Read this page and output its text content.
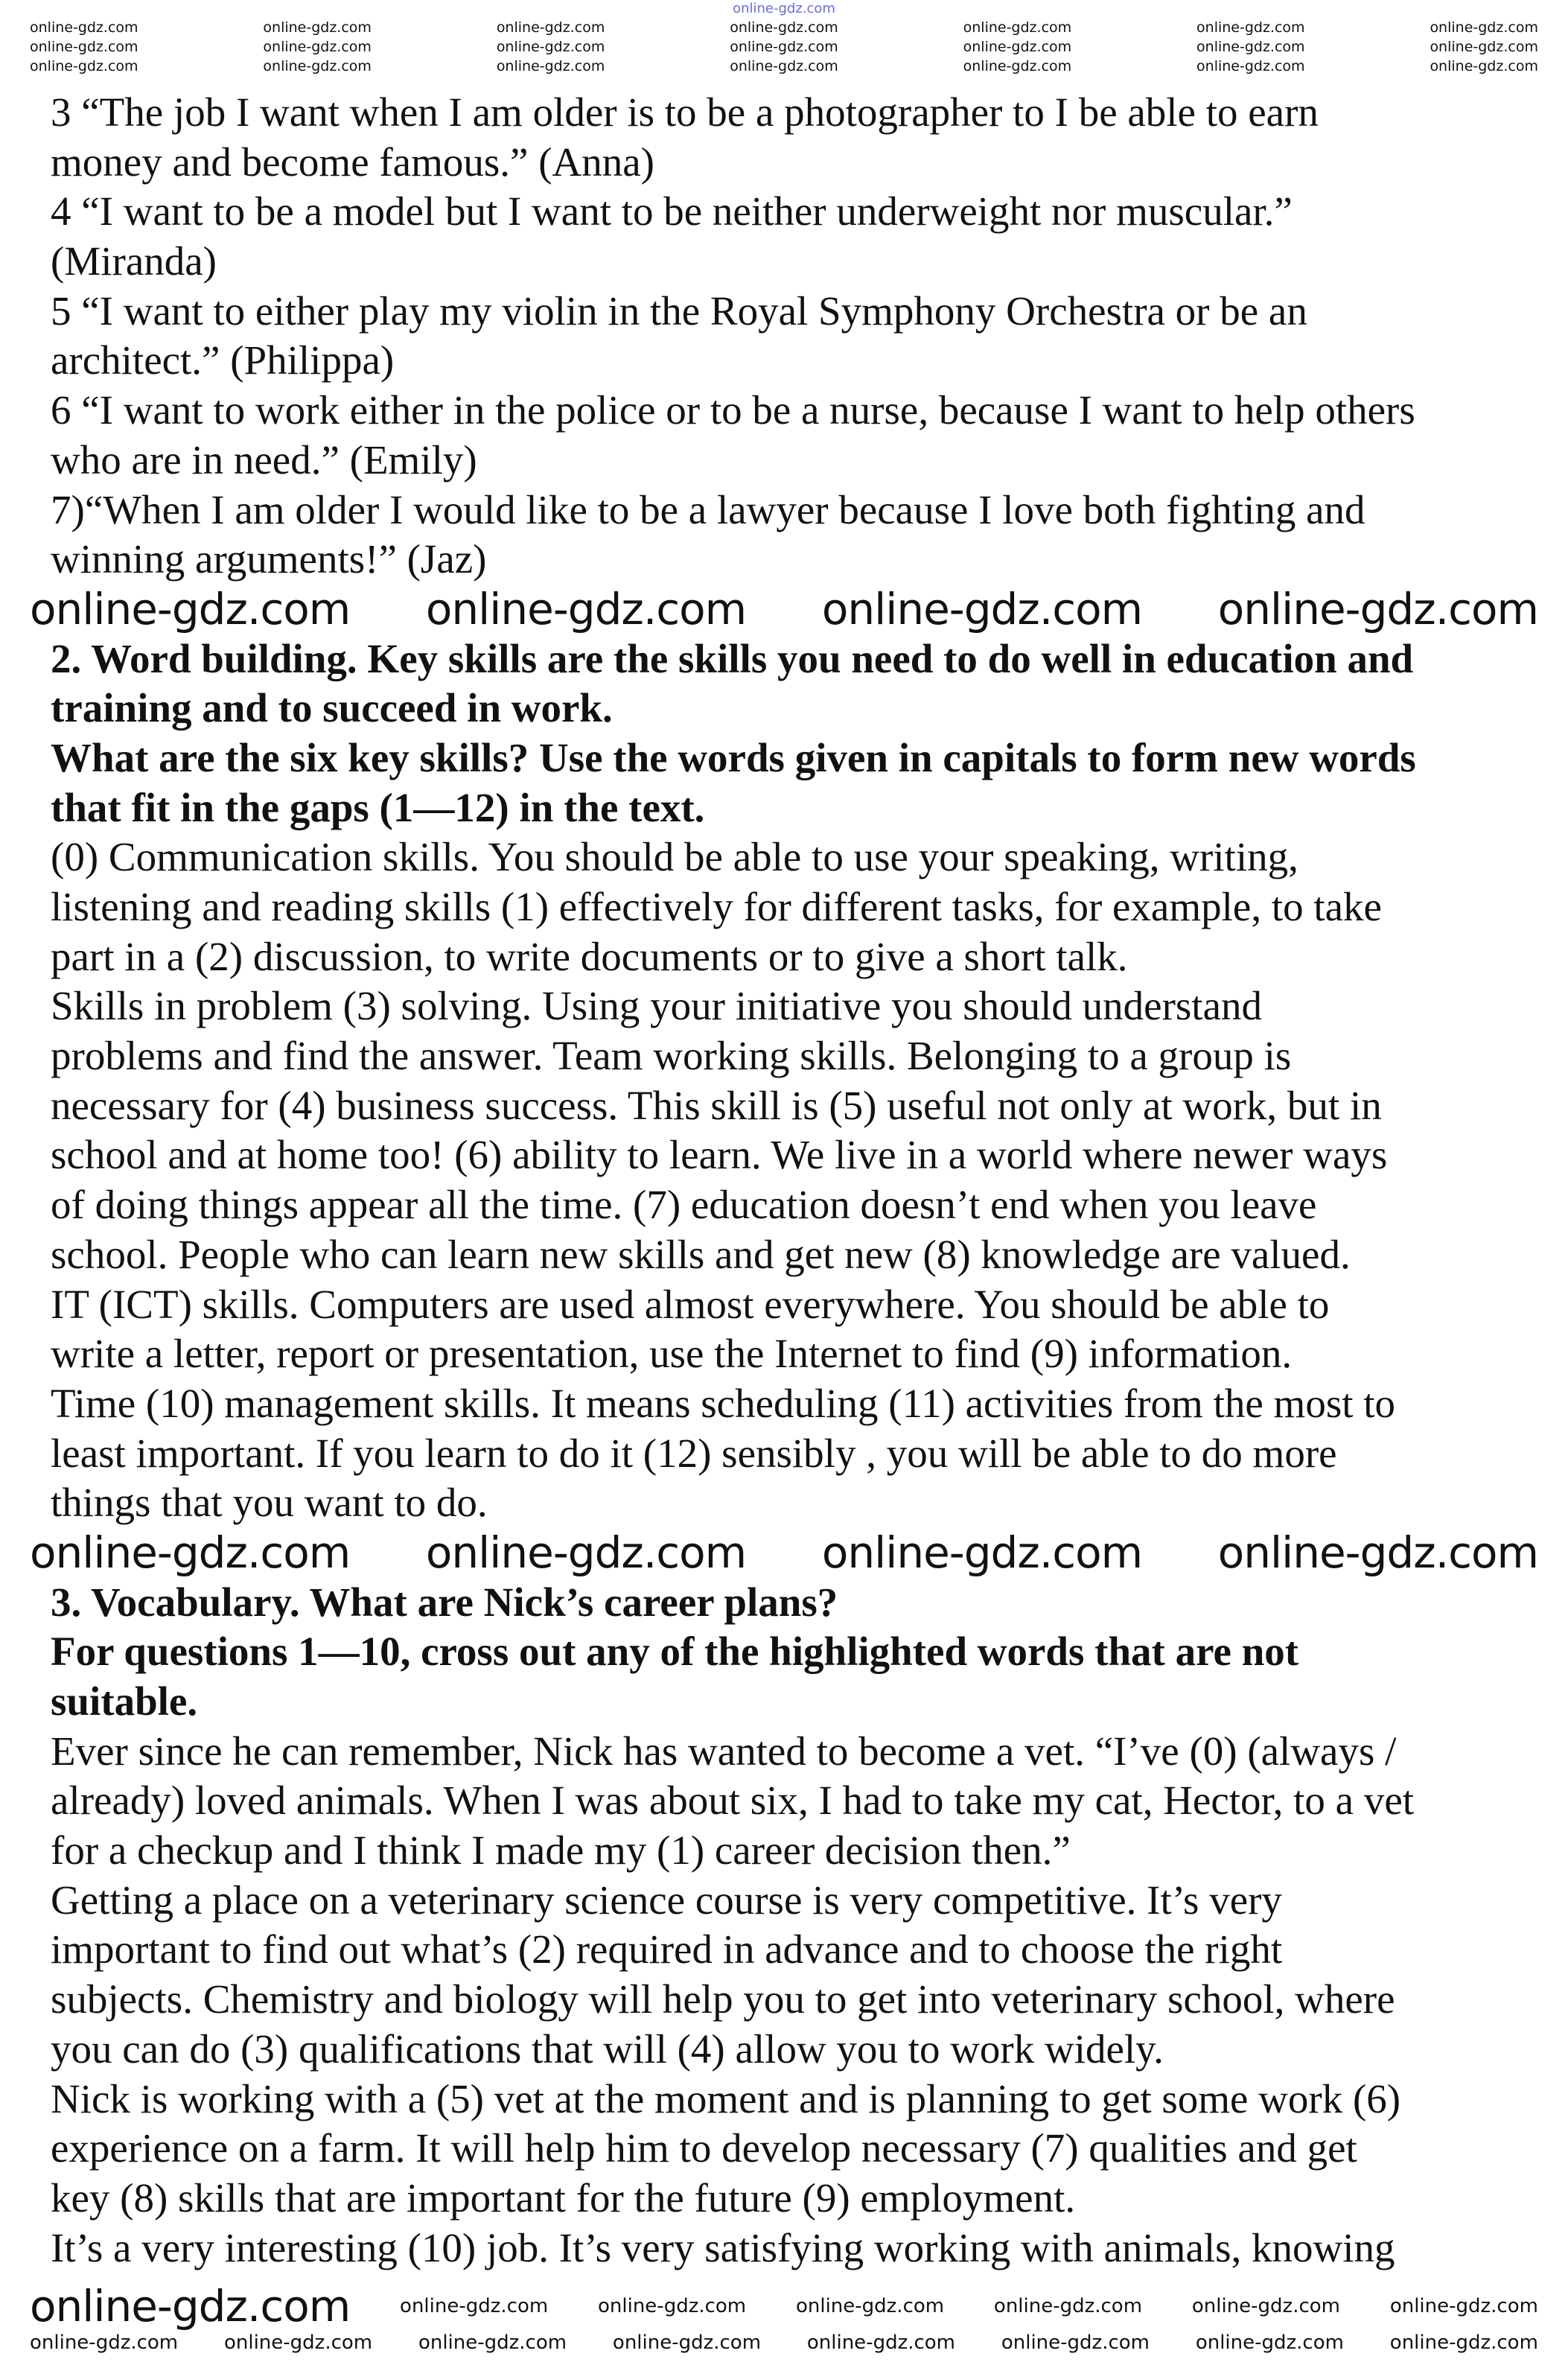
3 “The job I want when I am older is to be a photographer to I be able to earn
money and become famous.” (Anna)
4 “I want to be a model but I want to be neither underweight nor muscular.”
(Miranda)
5 “I want to either play my violin in the Royal Symphony Orchestra or be an
architect.” (Philippa)
6 “I want to work either in the police or to be a nurse, because I want to help others
who are in need.” (Emily)
7)“When I am older I would like to be a lawyer because I love both fighting and
winning arguments!” (Jaz)
2. Word building. Key skills are the skills you need to do well in education and
training and to succeed in work.
What are the six key skills? Use the words given in capitals to form new words
that fit in the gaps (1—12) in the text.
(0) Communication skills. You should be able to use your speaking, writing,
listening and reading skills (1) effectively for different tasks, for example, to take
part in a (2) discussion, to write documents or to give a short talk.
Skills in problem (3) solving. Using your initiative you should understand
problems and find the answer. Team working skills. Belonging to a group is
necessary for (4) business success. This skill is (5) useful not only at work, but in
school and at home too! (6) ability to learn. We live in a world where newer ways
of doing things appear all the time. (7) education doesn’t end when you leave
school. People who can learn new skills and get new (8) knowledge are valued.
IT (ICT) skills. Computers are used almost everywhere. You should be able to
write a letter, report or presentation, use the Internet to find (9) information.
Time (10) management skills. It means scheduling (11) activities from the most to
least important. If you learn to do it (12) sensibly , you will be able to do more
things that you want to do.
3. Vocabulary. What are Nick’s career plans?
For questions 1—10, cross out any of the highlighted words that are not
suitable.
Ever since he can remember, Nick has wanted to become a vet. “I’ve (0) (always /
already) loved animals. When I was about six, I had to take my cat, Hector, to a vet
for a checkup and I think I made my (1) career decision then.”
Getting a place on a veterinary science course is very competitive. It’s very
important to find out what’s (2) required in advance and to choose the right
subjects. Chemistry and biology will help you to get into veterinary school, where
you can do (3) qualifications that will (4) allow you to work widely.
Nick is working with a (5) vet at the moment and is planning to get some work (6)
experience on a farm. It will help him to develop necessary (7) qualities and get
key (8) skills that are important for the future (9) employment.
It’s a very interesting (10) job. It’s very satisfying working with animals, knowing
online-gdz.com
online-gdz.com	online-gdz.com	online-gdz.com	online-gdz.com	online-gdz.com	online-gdz.com	online-gdz.com
online-gdz.com	online-gdz.com	online-gdz.com	online-gdz.com	online-gdz.com	online-gdz.com	online-gdz.com
online-gdz.com	online-gdz.com	online-gdz.com	online-gdz.com	online-gdz.com	online-gdz.com	online-gdz.com
online-gdz.com online-gdz.com online-gdz.com online-gdz.com
online-gdz.com online-gdz.com online-gdz.com online-gdz.com
online-gdz.com	online-gdz.com	online-gdz.com	online-gdz.com	online-gdz.com	online-gdz.com	online-gdz.com
online-gdz.com online-gdz.com online-gdz.com online-gdz.com online-gdz.com online-gdz.com online-gdz.com online-gdz.com
